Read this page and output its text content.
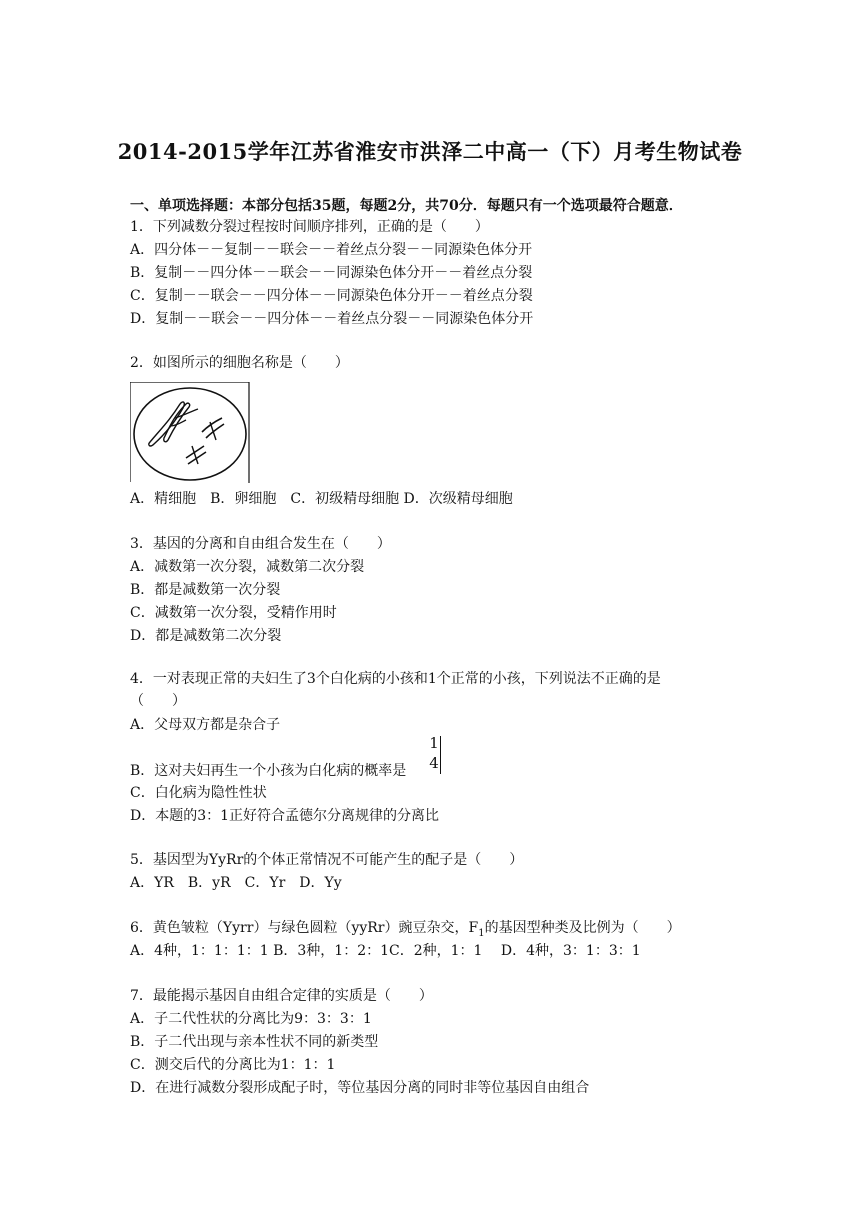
2014-2015学年江苏省淮安市洪泽二中高一（下）月考生物试卷
一、单项选择题：本部分包括35题，每题2分，共70分．每题只有一个选项最符合题意．
1．下列减数分裂过程按时间顺序排列，正确的是（　　）
A．四分体－－复制－－联会－－着丝点分裂－－同源染色体分开
B．复制－－四分体－－联会－－同源染色体分开－－着丝点分裂
C．复制－－联会－－四分体－－同源染色体分开－－着丝点分裂
D．复制－－联会－－四分体－－着丝点分裂－－同源染色体分开
2．如图所示的细胞名称是（　　）
A．精细胞　B．卵细胞　C．初级精母细胞 D．次级精母细胞
3．基因的分离和自由组合发生在（　　）
A．减数第一次分裂，减数第二次分裂
B．都是减数第一次分裂
C．减数第一次分裂，受精作用时
D．都是减数第二次分裂
4．一对表现正常的夫妇生了3个白化病的小孩和1个正常的小孩，下列说法不正确的是
（　　）
A．父母双方都是杂合子
B．这对夫妇再生一个小孩为白化病的概率是
1
4
C．白化病为隐性性状
D．本题的3：1正好符合孟德尔分离规律的分离比
5．基因型为YyRr的个体正常情况不可能产生的配子是（　　）
A．YR　B．yR　C．Yr　D．Yy
6．黄色皱粒（Yyrr）与绿色圆粒（yyRr）豌豆杂交，$F_1$的基因型种类及比例为（　　）
A．4种，1：1：1：1 B．3种，1：2：1C．2种，1：1　 D．4种，3：1：3：1
7．最能揭示基因自由组合定律的实质是（　　）
A．子二代性状的分离比为9：3：3：1
B．子二代出现与亲本性状不同的新类型
C．测交后代的分离比为1：1：1
D．在进行减数分裂形成配子时，等位基因分离的同时非等位基因自由组合
